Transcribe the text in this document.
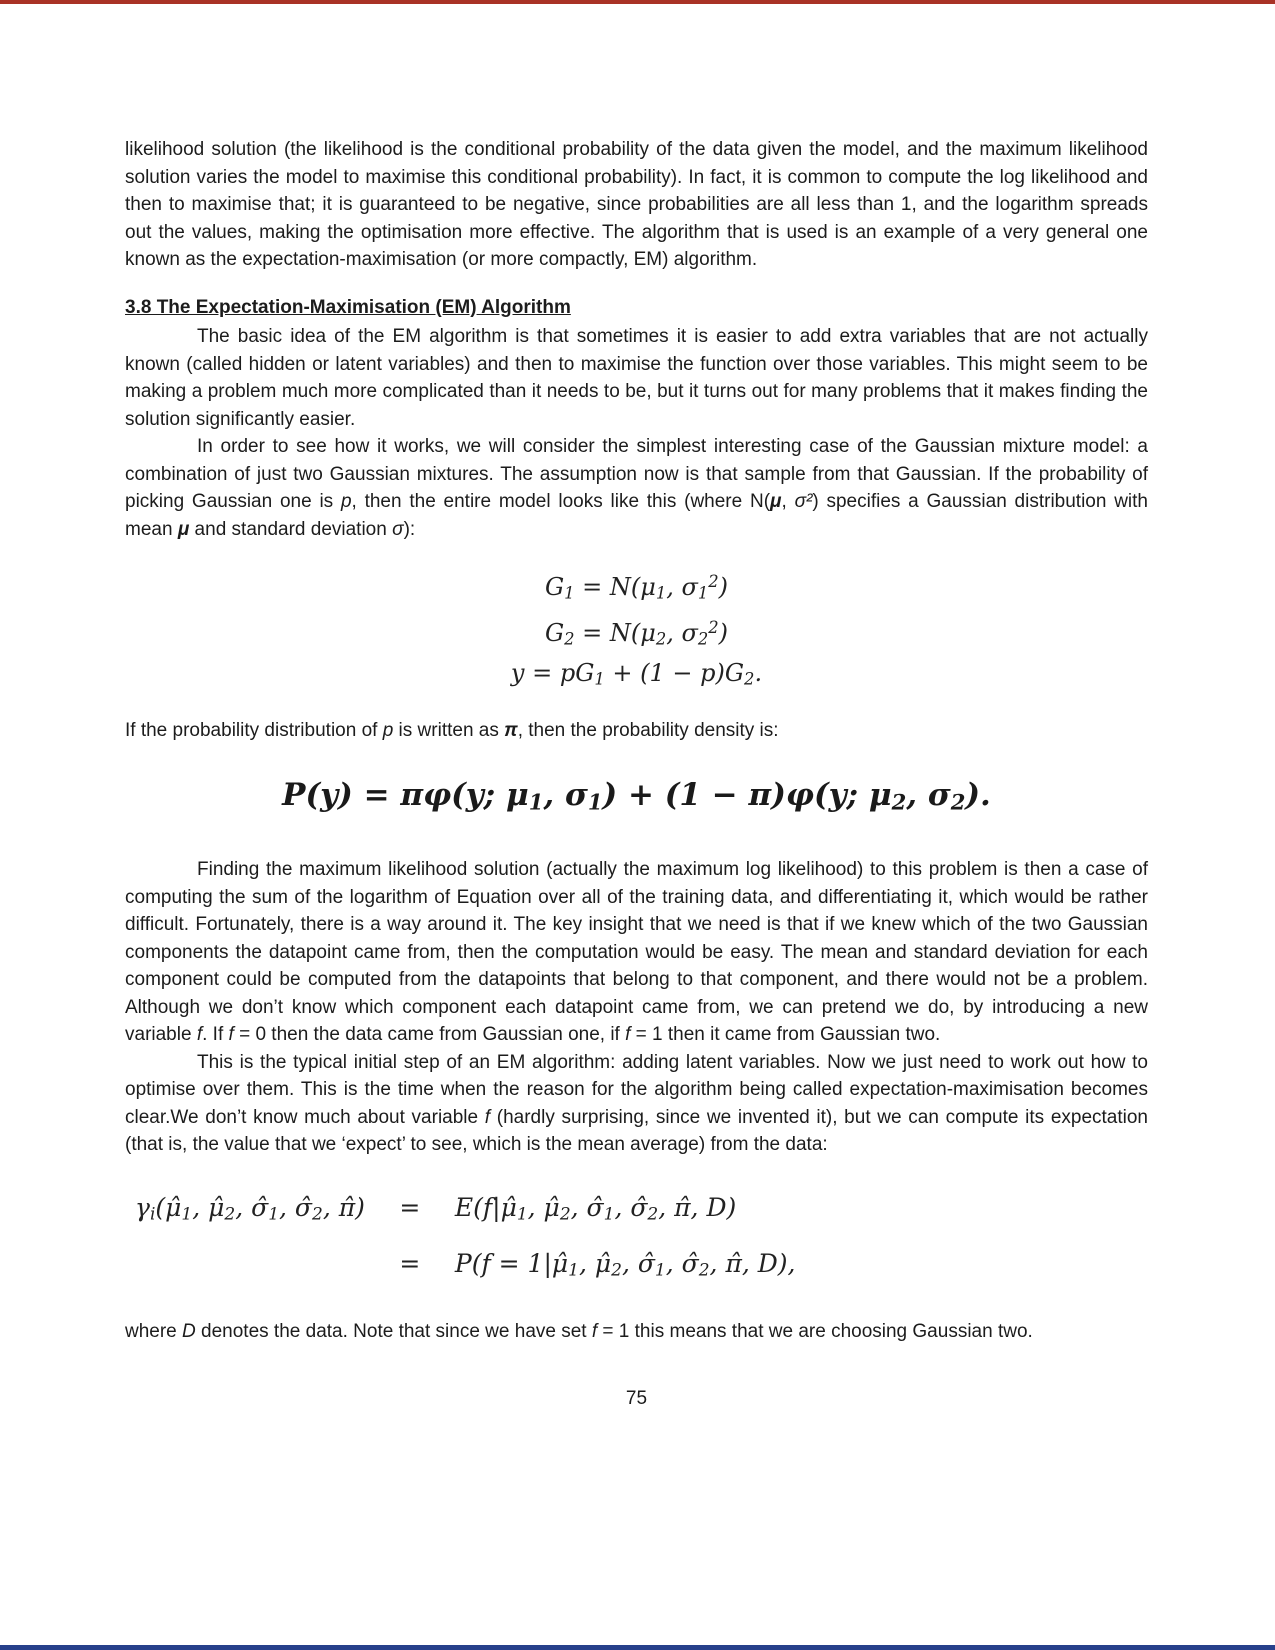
likelihood solution (the likelihood is the conditional probability of the data given the model, and the maximum likelihood solution varies the model to maximise this conditional probability). In fact, it is common to compute the log likelihood and then to maximise that; it is guaranteed to be negative, since probabilities are all less than 1, and the logarithm spreads out the values, making the optimisation more effective. The algorithm that is used is an example of a very general one known as the expectation-maximisation (or more compactly, EM) algorithm.

3.8 The Expectation-Maximisation (EM) Algorithm

The basic idea of the EM algorithm is that sometimes it is easier to add extra variables that are not actually known (called hidden or latent variables) and then to maximise the function over those variables. This might seem to be making a problem much more complicated than it needs to be, but it turns out for many problems that it makes finding the solution significantly easier.

In order to see how it works, we will consider the simplest interesting case of the Gaussian mixture model: a combination of just two Gaussian mixtures. The assumption now is that sample from that Gaussian. If the probability of picking Gaussian one is p, then the entire model looks like this (where N(μ, σ²) specifies a Gaussian distribution with mean μ and standard deviation σ):

G1 = N(μ1, $\sigma 1^2$)
G2 = N(μ2, $\sigma 2^2$)
y = pG1 + (1 − p)G2.

If the probability distribution of p is written as π, then the probability density is:

P(y) = πφ(y; μ1, σ1) + (1 − π)φ(y; μ2, σ2).

Finding the maximum likelihood solution (actually the maximum log likelihood) to this problem is then a case of computing the sum of the logarithm of Equation over all of the training data, and differentiating it, which would be rather difficult. Fortunately, there is a way around it. The key insight that we need is that if we knew which of the two Gaussian components the datapoint came from, then the computation would be easy. The mean and standard deviation for each component could be computed from the datapoints that belong to that component, and there would not be a problem. Although we don’t know which component each datapoint came from, we can pretend we do, by introducing a new variable f. If f = 0 then the data came from Gaussian one, if f = 1 then it came from Gaussian two.

This is the typical initial step of an EM algorithm: adding latent variables. Now we just need to work out how to optimise over them. This is the time when the reason for the algorithm being called expectation-maximisation becomes clear.We don’t know much about variable f (hardly surprising, since we invented it), but we can compute its expectation (that is, the value that we ‘expect’ to see, which is the mean average) from the data:

γi(μ̂1, μ̂2, σ̂1, σ̂2, π̂)	=	E(f|μ̂1, μ̂2, σ̂1, σ̂2, π̂, D)
=	P(f = 1|μ̂1, μ̂2, σ̂1, σ̂2, π̂, D),

where D denotes the data. Note that since we have set f = 1 this means that we are choosing Gaussian two.

75
